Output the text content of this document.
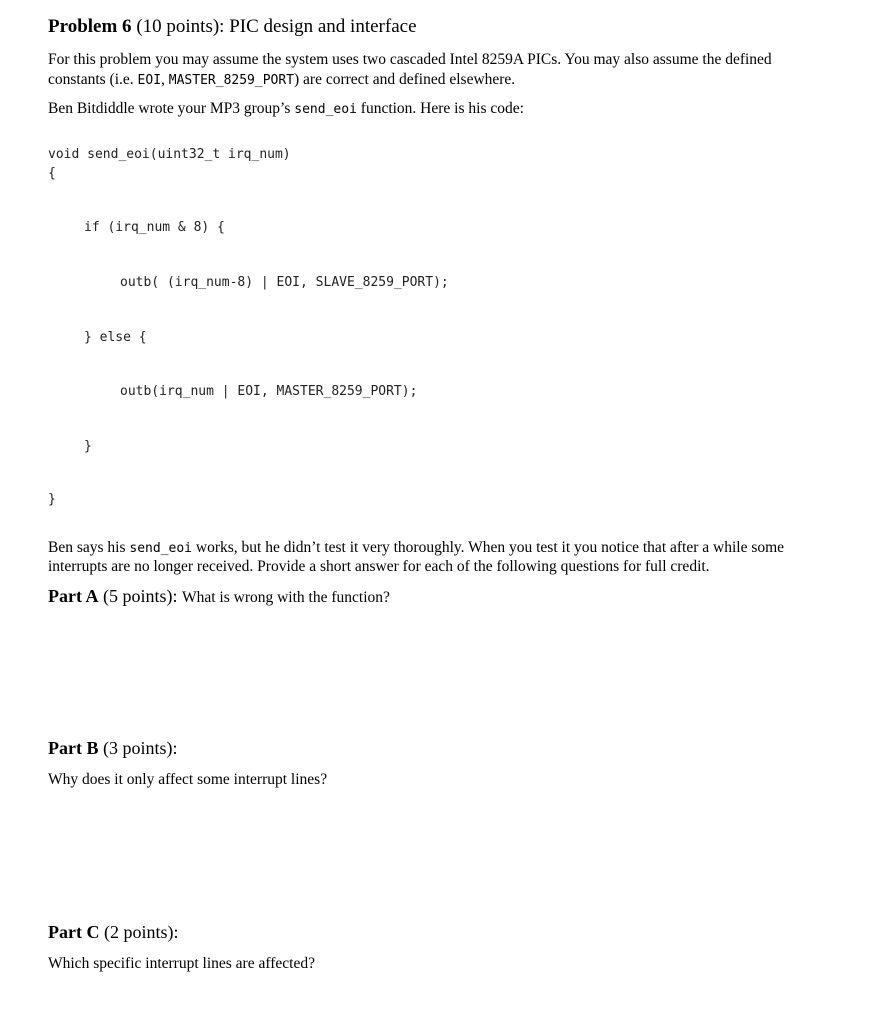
Problem 6 (10 points): PIC design and interface
For this problem you may assume the system uses two cascaded Intel 8259A PICs. You may also assume the defined
constants (i.e. EOI, MASTER_8259_PORT) are correct and defined elsewhere.
Ben Bitdiddle wrote your MP3 group’s send_eoi function. Here is his code:
void send_eoi(uint32_t irq_num)
{
if (irq_num & 8) {
outb( (irq_num-8) | EOI, SLAVE_8259_PORT);
} else {
outb(irq_num | EOI, MASTER_8259_PORT);
}
}
Ben says his send_eoi works, but he didn’t test it very thoroughly. When you test it you notice that after a while some
interrupts are no longer received. Provide a short answer for each of the following questions for full credit.
Part A (5 points): What is wrong with the function?
Part B (3 points):
Why does it only affect some interrupt lines?
Part C (2 points):
Which specific interrupt lines are affected?
